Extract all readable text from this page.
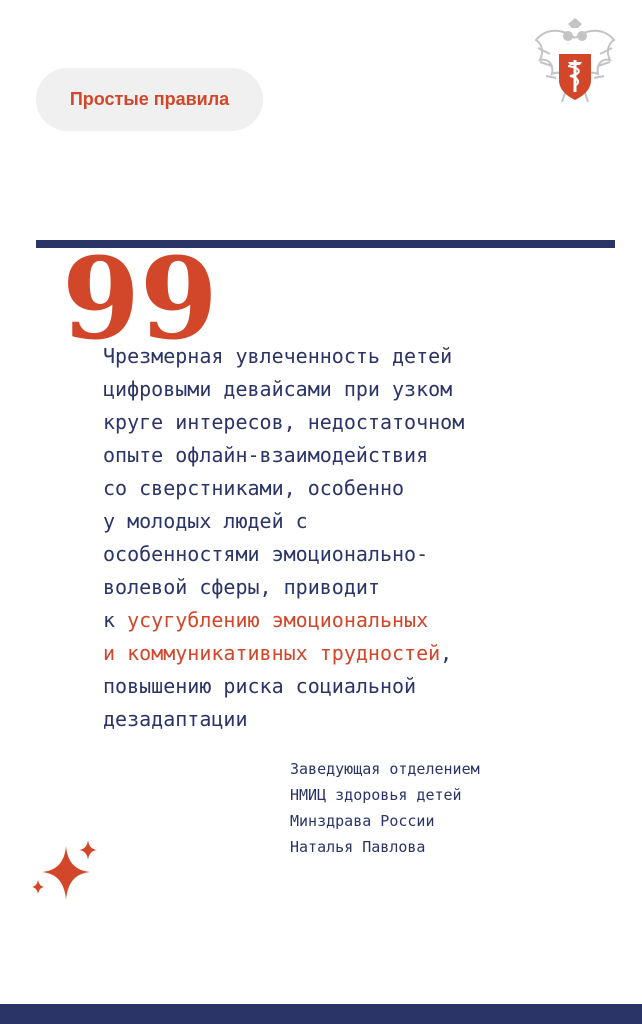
Простые правила
99

Чрезмерная увлеченность детей
цифровыми девайсами при узком
круге интересов, недостаточном
опыте офлайн-взаимодействия
со сверстниками, особенно
у молодых людей с
особенностями эмоционально-
волевой сферы, приводит
к усугублению эмоциональных
и коммуникативных трудностей,
повышению риска социальной
дезадаптации

Заведующая отделением
НМИЦ здоровья детей
Минздрава России
Наталья Павлова
